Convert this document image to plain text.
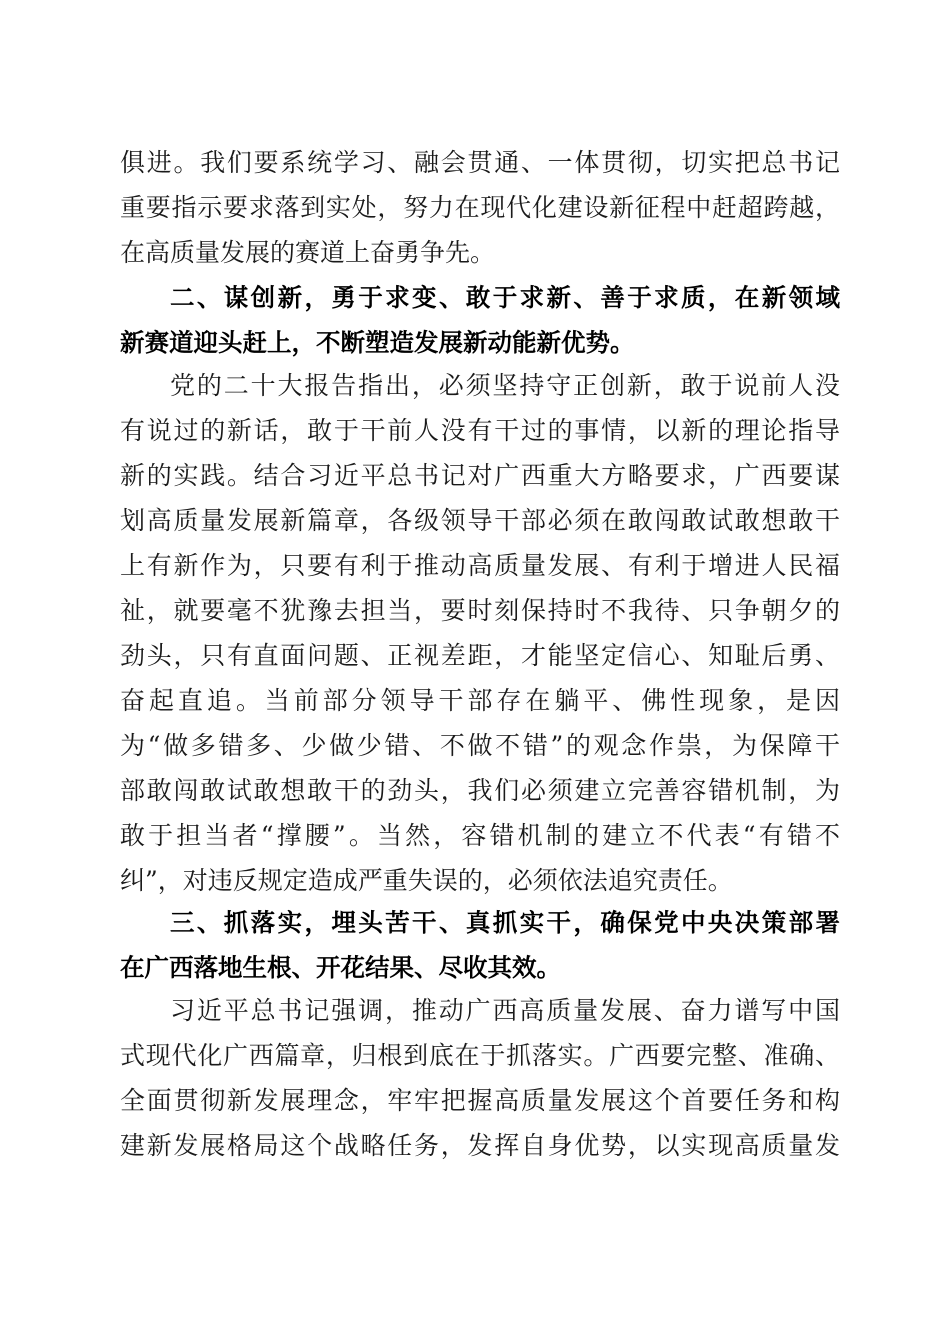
俱进。我们要系统学习、融会贯通、一体贯彻，切实把总书记
重要指示要求落到实处，努力在现代化建设新征程中赶超跨越，
在高质量发展的赛道上奋勇争先。
二、谋创新，勇于求变、敢于求新、善于求质，在新领域
新赛道迎头赶上，不断塑造发展新动能新优势。
党的二十大报告指出，必须坚持守正创新，敢于说前人没
有说过的新话，敢于干前人没有干过的事情，以新的理论指导
新的实践。结合习近平总书记对广西重大方略要求，广西要谋
划高质量发展新篇章，各级领导干部必须在敢闯敢试敢想敢干
上有新作为，只要有利于推动高质量发展、有利于增进人民福
祉，就要毫不犹豫去担当，要时刻保持时不我待、只争朝夕的
劲头，只有直面问题、正视差距，才能坚定信心、知耻后勇、
奋起直追。当前部分领导干部存在躺平、佛性现象，是因
为“做多错多、少做少错、不做不错”的观念作祟，为保障干
部敢闯敢试敢想敢干的劲头，我们必须建立完善容错机制，为
敢于担当者“撑腰”。当然，容错机制的建立不代表“有错不
纠”，对违反规定造成严重失误的，必须依法追究责任。
三、抓落实，埋头苦干、真抓实干，确保党中央决策部署
在广西落地生根、开花结果、尽收其效。
习近平总书记强调，推动广西高质量发展、奋力谱写中国
式现代化广西篇章，归根到底在于抓落实。广西要完整、准确、
全面贯彻新发展理念，牢牢把握高质量发展这个首要任务和构
建新发展格局这个战略任务，发挥自身优势，以实现高质量发
